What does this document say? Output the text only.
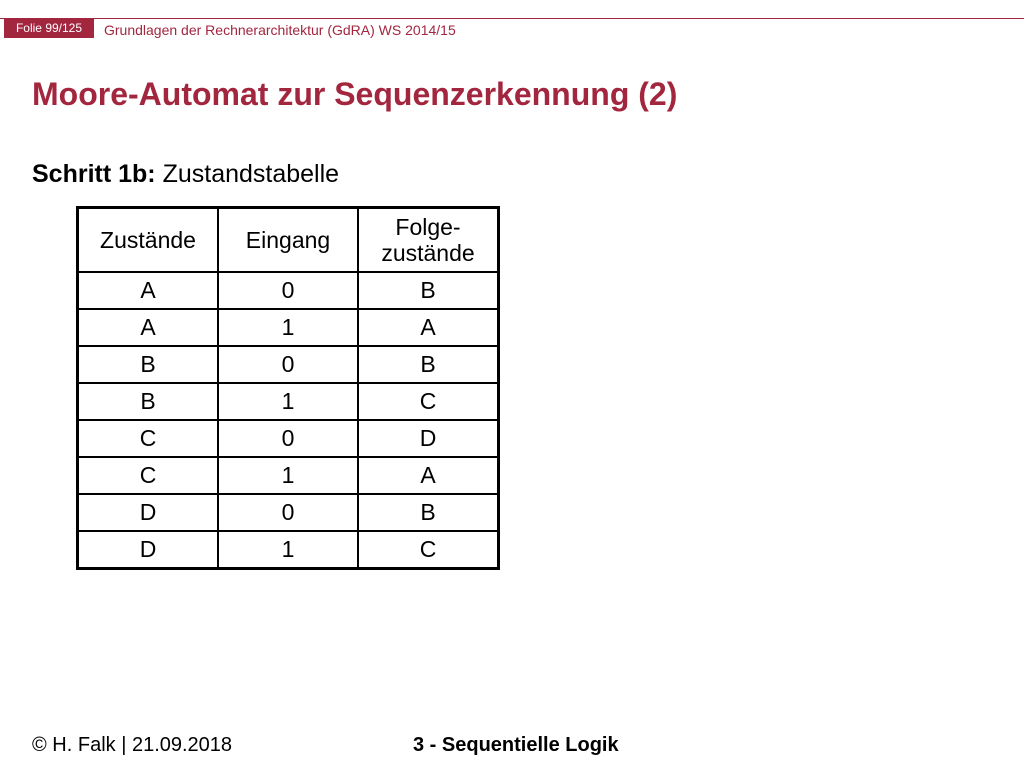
Folie 99/125	Grundlagen der Rechnerarchitektur (GdRA) WS 2014/15
Moore-Automat zur Sequenzerkennung (2)
Schritt 1b: Zustandstabelle
Zustände	Eingang	Folge-
zustände
A	0	B
A	1	A
B	0	B
B	1	C
C	0	D
C	1	A
D	0	B
D	1	C
© H. Falk | 21.09.2018	3 - Sequentielle Logik
